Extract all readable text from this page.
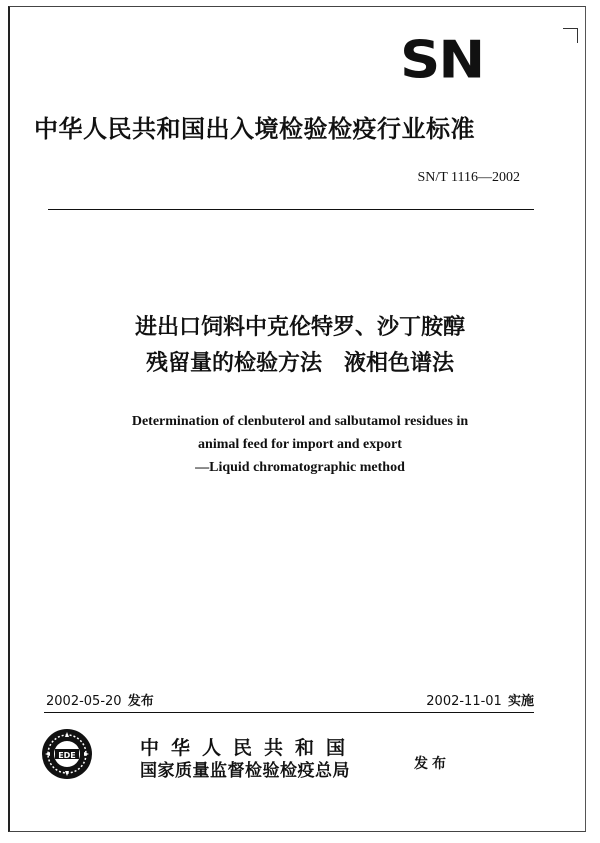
SN
中华人民共和国出入境检验检疫行业标准
SN/T 1116—2002
进出口饲料中克伦特罗、沙丁胺醇
残留量的检验方法　液相色谱法
Determination of clenbuterol and salbutamol residues in
animal feed for import and export
—Liquid chromatographic method
2002-05-20 发布	2002-11-01 实施
EDE	中华人民共和国
国家质量监督检验检疫总局	发布
